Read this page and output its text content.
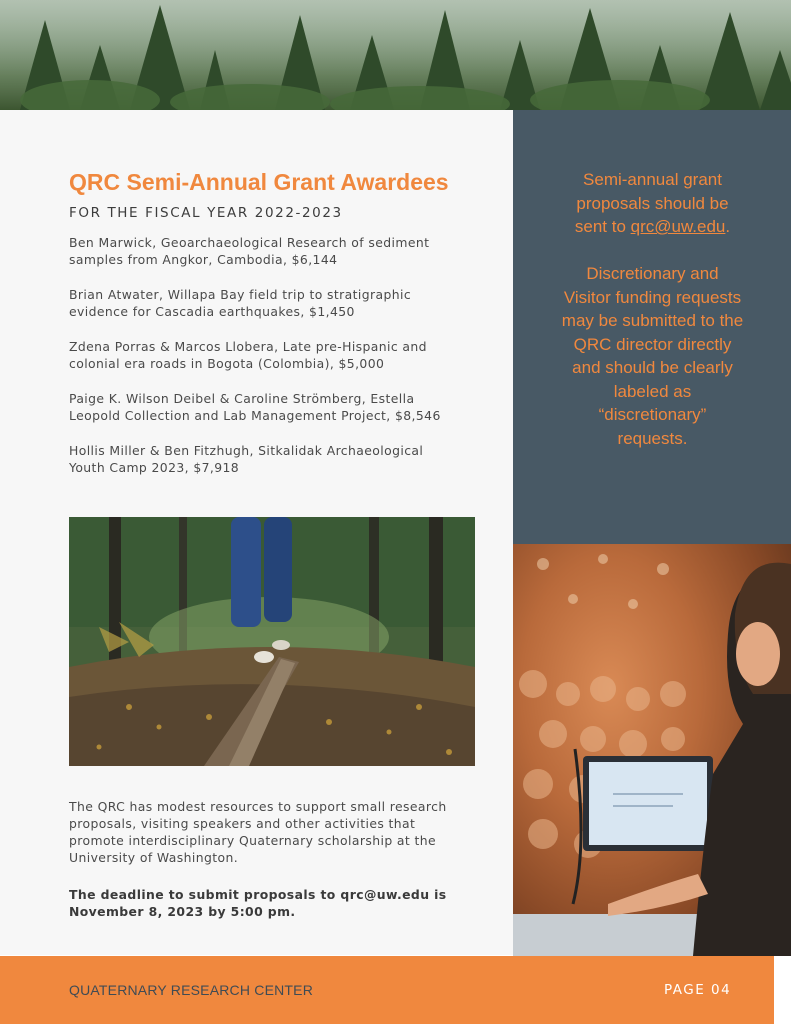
QRC Semi-Annual Grant Awardees
FOR THE FISCAL YEAR 2022-2023
Ben Marwick, Geoarchaeological Research of sediment
samples from Angkor, Cambodia, $6,144
Brian Atwater, Willapa Bay field trip to stratigraphic
evidence for Cascadia earthquakes, $1,450
Zdena Porras & Marcos Llobera, Late pre-Hispanic and
colonial era roads in Bogota (Colombia), $5,000
Paige K. Wilson Deibel & Caroline Strömberg, Estella
Leopold Collection and Lab Management Project, $8,546
Hollis Miller & Ben Fitzhugh, Sitkalidak Archaeological
Youth Camp 2023, $7,918
The QRC has modest resources to support small research
proposals, visiting speakers and other activities that
promote interdisciplinary Quaternary scholarship at the
University of Washington.
The deadline to submit proposals to qrc@uw.edu is
November 8, 2023 by 5:00 pm.
Semi-annual grant
proposals should be
sent to qrc@uw.edu.
Discretionary and
Visitor funding requests
may be submitted to the
QRC director directly
and should be clearly
labeled as
“discretionary”
requests.
QUATERNARY RESEARCH CENTER	PAGE 04
